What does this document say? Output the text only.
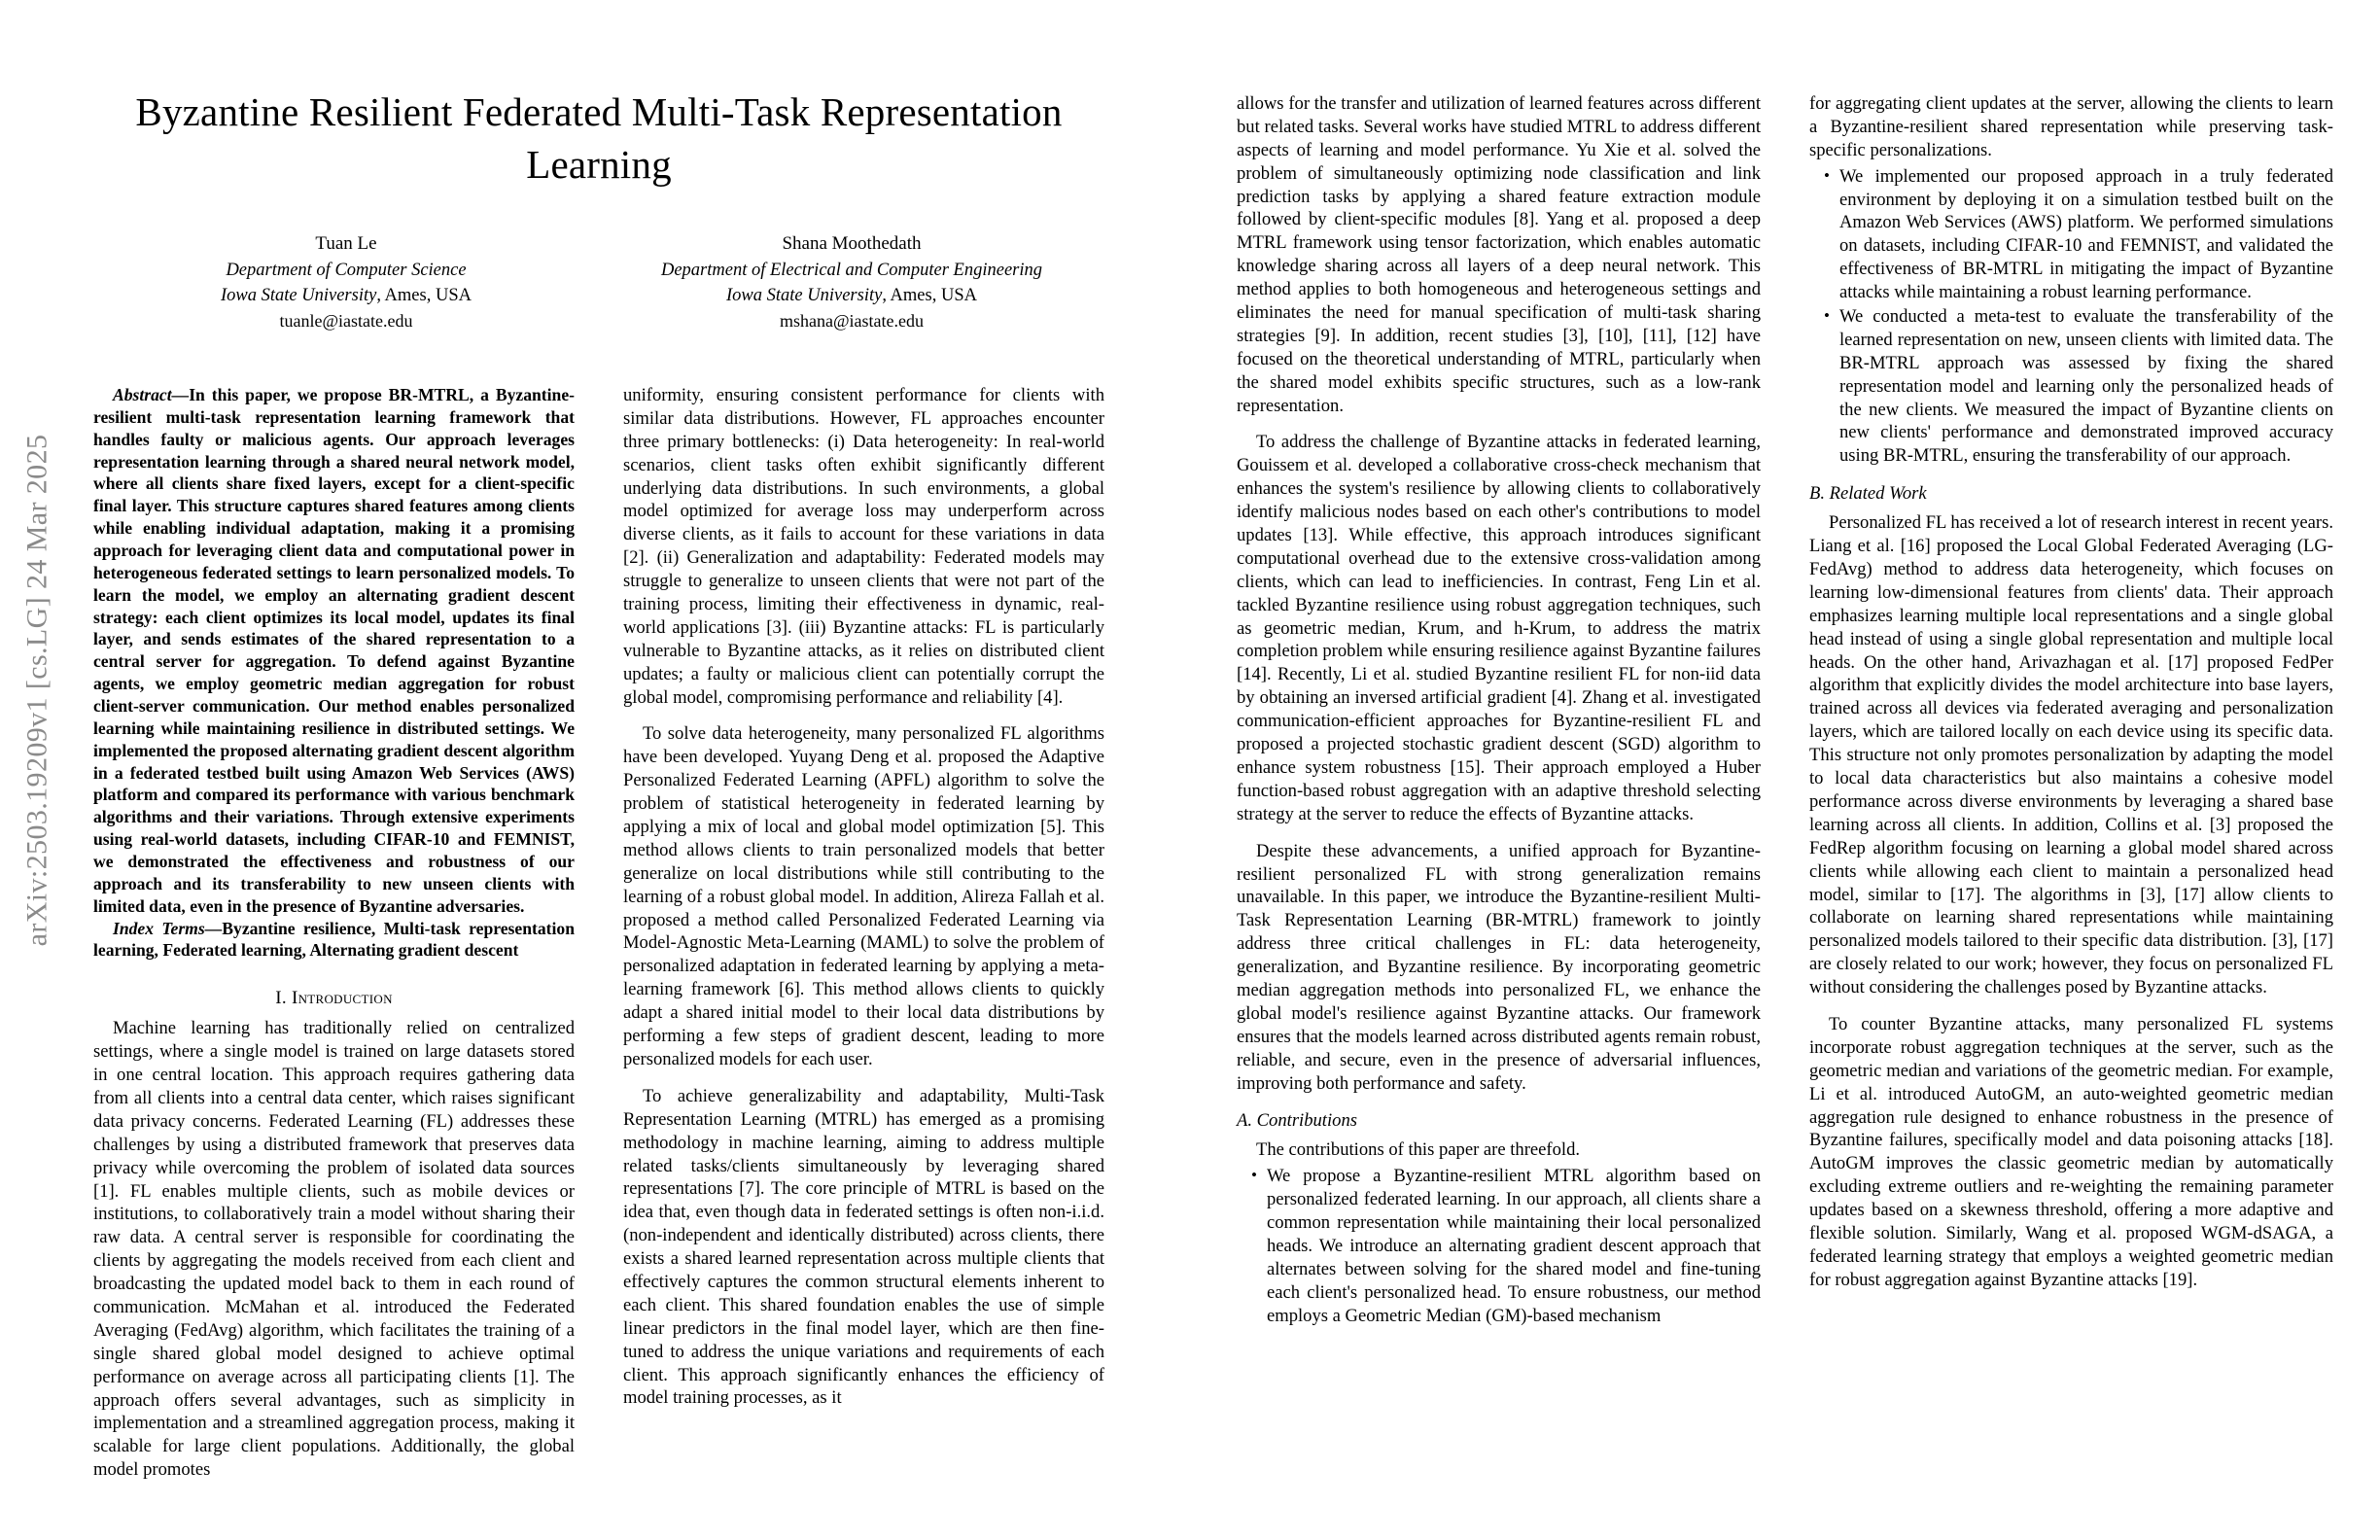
arXiv:2503.19209v1 [cs.LG] 24 Mar 2025
Byzantine Resilient Federated Multi-Task Representation Learning
Tuan Le
Department of Computer Science
Iowa State University, Ames, USA
tuanle@iastate.edu
Shana Moothedath
Department of Electrical and Computer Engineering
Iowa State University, Ames, USA
mshana@iastate.edu

Abstract—In this paper, we propose BR-MTRL, a Byzantine-resilient multi-task representation learning framework that handles faulty or malicious agents. Our approach leverages representation learning through a shared neural network model, where all clients share fixed layers, except for a client-specific final layer. This structure captures shared features among clients while enabling individual adaptation, making it a promising approach for leveraging client data and computational power in heterogeneous federated settings to learn personalized models. To learn the model, we employ an alternating gradient descent strategy: each client optimizes its local model, updates its final layer, and sends estimates of the shared representation to a central server for aggregation. To defend against Byzantine agents, we employ geometric median aggregation for robust client-server communication. Our method enables personalized learning while maintaining resilience in distributed settings. We implemented the proposed alternating gradient descent algorithm in a federated testbed built using Amazon Web Services (AWS) platform and compared its performance with various benchmark algorithms and their variations. Through extensive experiments using real-world datasets, including CIFAR-10 and FEMNIST, we demonstrated the effectiveness and robustness of our approach and its transferability to new unseen clients with limited data, even in the presence of Byzantine adversaries.

Index Terms—Byzantine resilience, Multi-task representation learning, Federated learning, Alternating gradient descent

I. Introduction

Machine learning has traditionally relied on centralized settings, where a single model is trained on large datasets stored in one central location. This approach requires gathering data from all clients into a central data center, which raises significant data privacy concerns. Federated Learning (FL) addresses these challenges by using a distributed framework that preserves data privacy while overcoming the problem of isolated data sources [1]. FL enables multiple clients, such as mobile devices or institutions, to collaboratively train a model without sharing their raw data. A central server is responsible for coordinating the clients by aggregating the models received from each client and broadcasting the updated model back to them in each round of communication. McMahan et al. introduced the Federated Averaging (FedAvg) algorithm, which facilitates the training of a single shared global model designed to achieve optimal performance on average across all participating clients [1]. The approach offers several advantages, such as simplicity in implementation and a streamlined aggregation process, making it scalable for large client populations. Additionally, the global model promotes

uniformity, ensuring consistent performance for clients with similar data distributions. However, FL approaches encounter three primary bottlenecks: (i) Data heterogeneity: In real-world scenarios, client tasks often exhibit significantly different underlying data distributions. In such environments, a global model optimized for average loss may underperform across diverse clients, as it fails to account for these variations in data [2]. (ii) Generalization and adaptability: Federated models may struggle to generalize to unseen clients that were not part of the training process, limiting their effectiveness in dynamic, real-world applications [3]. (iii) Byzantine attacks: FL is particularly vulnerable to Byzantine attacks, as it relies on distributed client updates; a faulty or malicious client can potentially corrupt the global model, compromising performance and reliability [4].

To solve data heterogeneity, many personalized FL algorithms have been developed. Yuyang Deng et al. proposed the Adaptive Personalized Federated Learning (APFL) algorithm to solve the problem of statistical heterogeneity in federated learning by applying a mix of local and global model optimization [5]. This method allows clients to train personalized models that better generalize on local distributions while still contributing to the learning of a robust global model. In addition, Alireza Fallah et al. proposed a method called Personalized Federated Learning via Model-Agnostic Meta-Learning (MAML) to solve the problem of personalized adaptation in federated learning by applying a meta-learning framework [6]. This method allows clients to quickly adapt a shared initial model to their local data distributions by performing a few steps of gradient descent, leading to more personalized models for each user.

To achieve generalizability and adaptability, Multi-Task Representation Learning (MTRL) has emerged as a promising methodology in machine learning, aiming to address multiple related tasks/clients simultaneously by leveraging shared representations [7]. The core principle of MTRL is based on the idea that, even though data in federated settings is often non-i.i.d. (non-independent and identically distributed) across clients, there exists a shared learned representation across multiple clients that effectively captures the common structural elements inherent to each client. This shared foundation enables the use of simple linear predictors in the final model layer, which are then fine-tuned to address the unique variations and requirements of each client. This approach significantly enhances the efficiency of model training processes, as it

allows for the transfer and utilization of learned features across different but related tasks. Several works have studied MTRL to address different aspects of learning and model performance. Yu Xie et al. solved the problem of simultaneously optimizing node classification and link prediction tasks by applying a shared feature extraction module followed by client-specific modules [8]. Yang et al. proposed a deep MTRL framework using tensor factorization, which enables automatic knowledge sharing across all layers of a deep neural network. This method applies to both homogeneous and heterogeneous settings and eliminates the need for manual specification of multi-task sharing strategies [9]. In addition, recent studies [3], [10], [11], [12] have focused on the theoretical understanding of MTRL, particularly when the shared model exhibits specific structures, such as a low-rank representation.

To address the challenge of Byzantine attacks in federated learning, Gouissem et al. developed a collaborative cross-check mechanism that enhances the system's resilience by allowing clients to collaboratively identify malicious nodes based on each other's contributions to model updates [13]. While effective, this approach introduces significant computational overhead due to the extensive cross-validation among clients, which can lead to inefficiencies. In contrast, Feng Lin et al. tackled Byzantine resilience using robust aggregation techniques, such as geometric median, Krum, and h-Krum, to address the matrix completion problem while ensuring resilience against Byzantine failures [14]. Recently, Li et al. studied Byzantine resilient FL for non-iid data by obtaining an inversed artificial gradient [4]. Zhang et al. investigated communication-efficient approaches for Byzantine-resilient FL and proposed a projected stochastic gradient descent (SGD) algorithm to enhance system robustness [15]. Their approach employed a Huber function-based robust aggregation with an adaptive threshold selecting strategy at the server to reduce the effects of Byzantine attacks.

Despite these advancements, a unified approach for Byzantine-resilient personalized FL with strong generalization remains unavailable. In this paper, we introduce the Byzantine-resilient Multi-Task Representation Learning (BR-MTRL) framework to jointly address three critical challenges in FL: data heterogeneity, generalization, and Byzantine resilience. By incorporating geometric median aggregation methods into personalized FL, we enhance the global model's resilience against Byzantine attacks. Our framework ensures that the models learned across distributed agents remain robust, reliable, and secure, even in the presence of adversarial influences, improving both performance and safety.

A. Contributions

The contributions of this paper are threefold.

• We propose a Byzantine-resilient MTRL algorithm based on personalized federated learning. In our approach, all clients share a common representation while maintaining their local personalized heads. We introduce an alternating gradient descent approach that alternates between solving for the shared model and fine-tuning each client's personalized head. To ensure robustness, our method employs a Geometric Median (GM)-based mechanism

for aggregating client updates at the server, allowing the clients to learn a Byzantine-resilient shared representation while preserving task-specific personalizations.

• We implemented our proposed approach in a truly federated environment by deploying it on a simulation testbed built on the Amazon Web Services (AWS) platform. We performed simulations on datasets, including CIFAR-10 and FEMNIST, and validated the effectiveness of BR-MTRL in mitigating the impact of Byzantine attacks while maintaining a robust learning performance.
• We conducted a meta-test to evaluate the transferability of the learned representation on new, unseen clients with limited data. The BR-MTRL approach was assessed by fixing the shared representation model and learning only the personalized heads of the new clients. We measured the impact of Byzantine clients on new clients' performance and demonstrated improved accuracy using BR-MTRL, ensuring the transferability of our approach.
B. Related Work

Personalized FL has received a lot of research interest in recent years. Liang et al. [16] proposed the Local Global Federated Averaging (LG-FedAvg) method to address data heterogeneity, which focuses on learning low-dimensional features from clients' data. Their approach emphasizes learning multiple local representations and a single global head instead of using a single global representation and multiple local heads. On the other hand, Arivazhagan et al. [17] proposed FedPer algorithm that explicitly divides the model architecture into base layers, trained across all devices via federated averaging and personalization layers, which are tailored locally on each device using its specific data. This structure not only promotes personalization by adapting the model to local data characteristics but also maintains a cohesive model performance across diverse environments by leveraging a shared base learning across all clients. In addition, Collins et al. [3] proposed the FedRep algorithm focusing on learning a global model shared across clients while allowing each client to maintain a personalized head model, similar to [17]. The algorithms in [3], [17] allow clients to collaborate on learning shared representations while maintaining personalized models tailored to their specific data distribution. [3], [17] are closely related to our work; however, they focus on personalized FL without considering the challenges posed by Byzantine attacks.

To counter Byzantine attacks, many personalized FL systems incorporate robust aggregation techniques at the server, such as the geometric median and variations of the geometric median. For example, Li et al. introduced AutoGM, an auto-weighted geometric median aggregation rule designed to enhance robustness in the presence of Byzantine failures, specifically model and data poisoning attacks [18]. AutoGM improves the classic geometric median by automatically excluding extreme outliers and re-weighting the remaining parameter updates based on a skewness threshold, offering a more adaptive and flexible solution. Similarly, Wang et al. proposed WGM-dSAGA, a federated learning strategy that employs a weighted geometric median for robust aggregation against Byzantine attacks [19].
